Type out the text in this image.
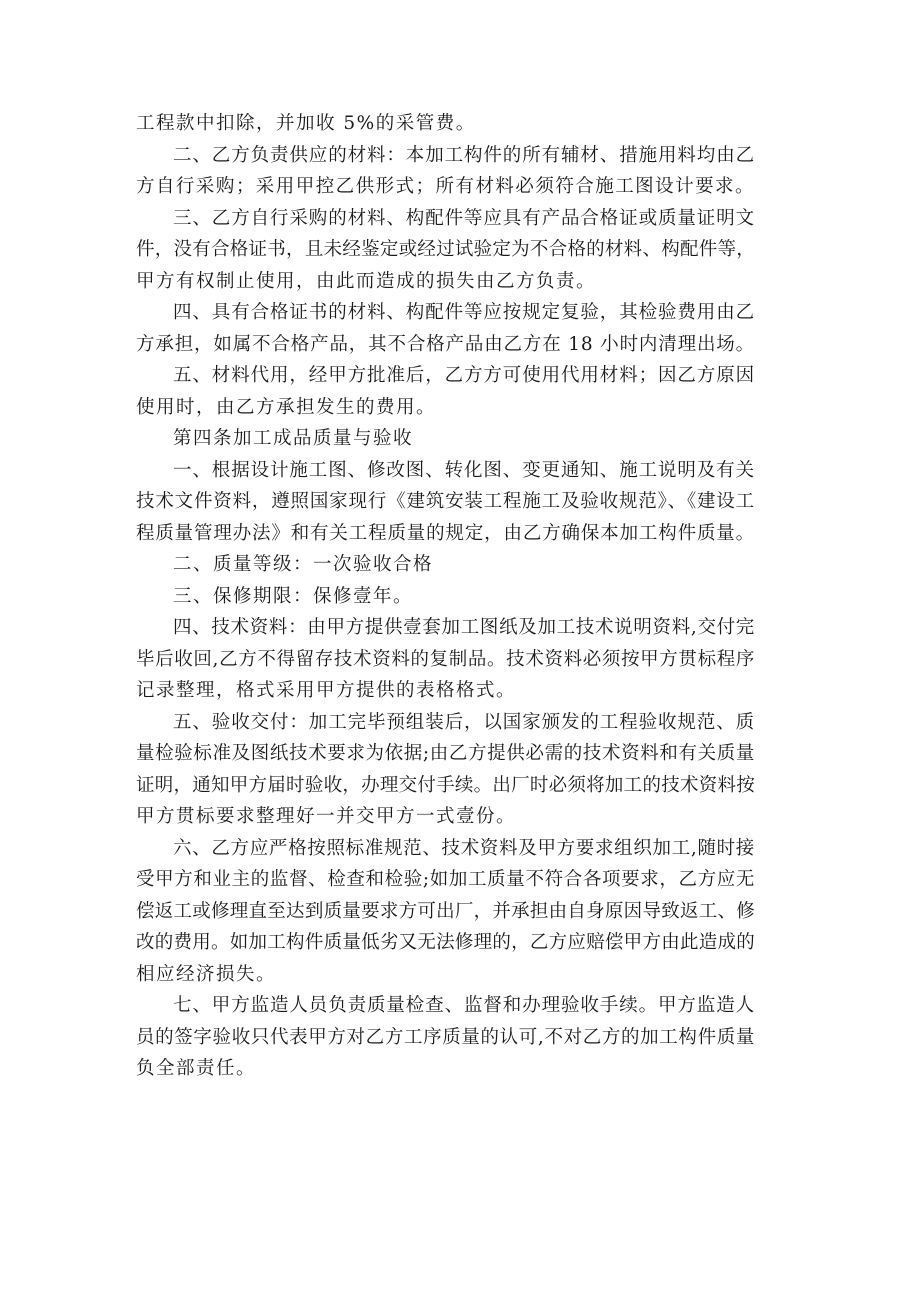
工程款中扣除，并加收 5%的采管费。

二、乙方负责供应的材料：本加工构件的所有辅材、措施用料均由乙
方自行采购；采用甲控乙供形式；所有材料必须符合施工图设计要求。

三、乙方自行采购的材料、构配件等应具有产品合格证或质量证明文
件，没有合格证书，且未经鉴定或经过试验定为不合格的材料、构配件等，
甲方有权制止使用，由此而造成的损失由乙方负责。

四、具有合格证书的材料、构配件等应按规定复验，其检验费用由乙
方承担，如属不合格产品，其不合格产品由乙方在 18 小时内清理出场。

五、材料代用，经甲方批准后，乙方方可使用代用材料；因乙方原因
使用时，由乙方承担发生的费用。

第四条加工成品质量与验收

一、根据设计施工图、修改图、转化图、变更通知、施工说明及有关
技术文件资料，遵照国家现行《建筑安装工程施工及验收规范》、《建设工
程质量管理办法》和有关工程质量的规定，由乙方确保本加工构件质量。

二、质量等级：一次验收合格

三、保修期限：保修壹年。

四、技术资料：由甲方提供壹套加工图纸及加工技术说明资料,交付完
毕后收回,乙方不得留存技术资料的复制品。技术资料必须按甲方贯标程序
记录整理，格式采用甲方提供的表格格式。

五、验收交付：加工完毕预组装后，以国家颁发的工程验收规范、质
量检验标准及图纸技术要求为依据;由乙方提供必需的技术资料和有关质量
证明，通知甲方届时验收，办理交付手续。出厂时必须将加工的技术资料按
甲方贯标要求整理好一并交甲方一式壹份。

六、乙方应严格按照标准规范、技术资料及甲方要求组织加工,随时接
受甲方和业主的监督、检查和检验;如加工质量不符合各项要求，乙方应无
偿返工或修理直至达到质量要求方可出厂，并承担由自身原因导致返工、修
改的费用。如加工构件质量低劣又无法修理的，乙方应赔偿甲方由此造成的
相应经济损失。

七、甲方监造人员负责质量检查、监督和办理验收手续。甲方监造人
员的签字验收只代表甲方对乙方工序质量的认可,不对乙方的加工构件质量
负全部责任。
